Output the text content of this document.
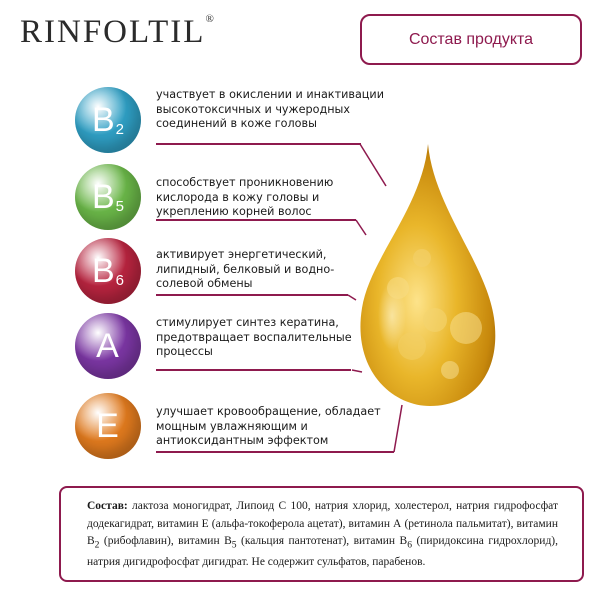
RINFOLTIL®
Состав продукта
B 2
участвует в окислении и инактивации высокотоксичных и чужеродных соединений в коже головы
B 5
способствует проникновению кислорода в кожу головы и укреплению корней волос
B 6
активирует энергетический, липидный, белковый и водно-солевой обмены
A
стимулирует синтез кератина, предотвращает воспалительные процессы
E	улучшает кровообращение, обладает мощным увлажняющим и антиоксидантным эффектом
Состав: лактоза моногидрат, Липоид С 100, натрия хлорид, холестерол, натрия гидрофосфат додекагидрат, витамин Е (альфа-токоферола ацетат), витамин А (ретинола пальмитат), витамин $B_2$ (рибофлавин), витамин $B_5$ (кальция пантотенат), витамин $B_6$ (пиридоксина гидрохлорид), натрия дигидрофосфат дигидрат. Не содержит сульфатов, парабенов.
